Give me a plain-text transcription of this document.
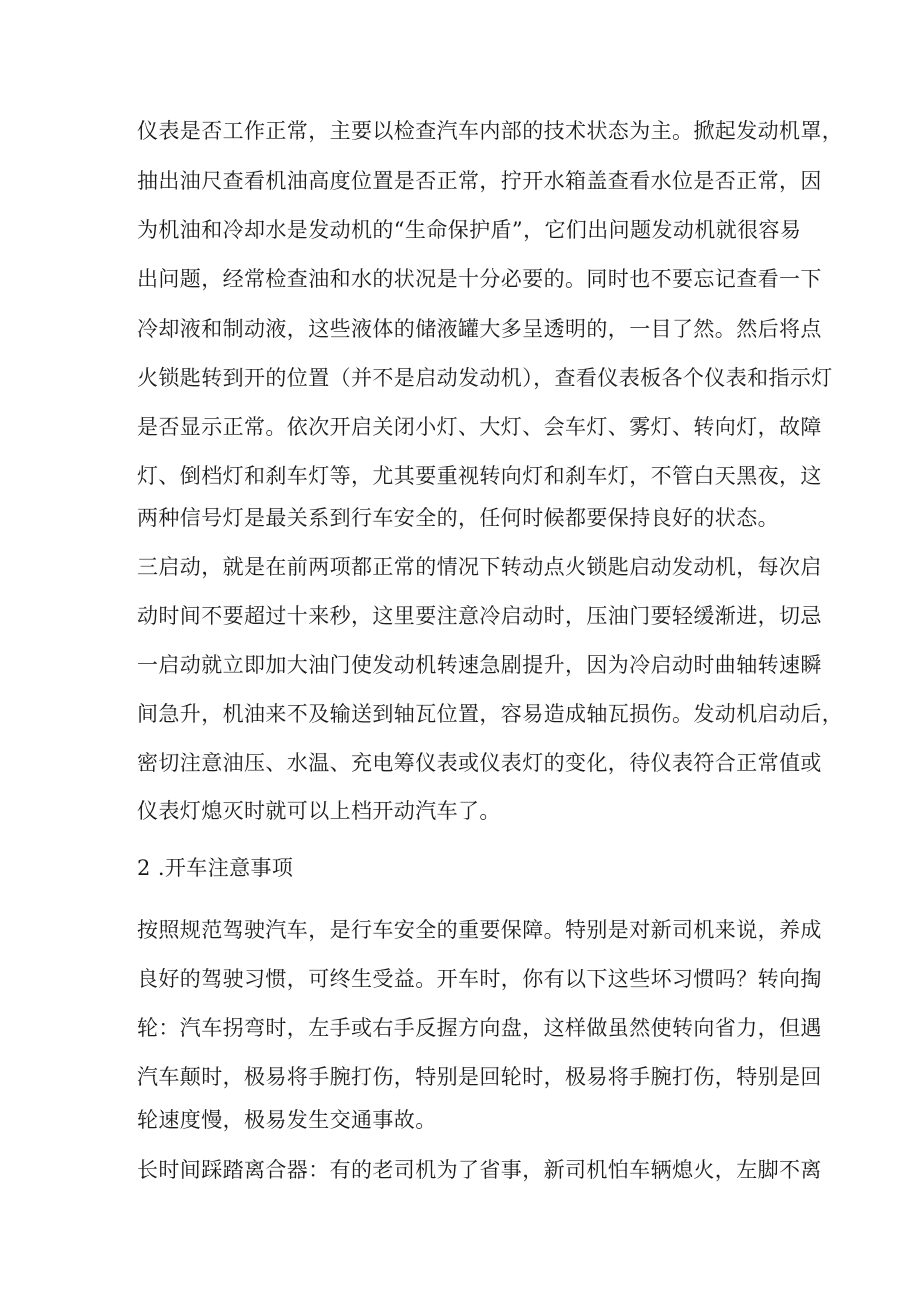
仪表是否工作正常，主要以检查汽车内部的技术状态为主。掀起发动机罩，
抽出油尺查看机油高度位置是否正常，拧开水箱盖查看水位是否正常，因
为机油和冷却水是发动机的“生命保护盾”，它们出问题发动机就很容易
出问题，经常检查油和水的状况是十分必要的。同时也不要忘记查看一下
冷却液和制动液，这些液体的储液罐大多呈透明的，一目了然。然后将点
火锁匙转到开的位置（并不是启动发动机），查看仪表板各个仪表和指示灯
是否显示正常。依次开启关闭小灯、大灯、会车灯、雾灯、转向灯，故障
灯、倒档灯和刹车灯等，尤其要重视转向灯和刹车灯，不管白天黑夜，这
两种信号灯是最关系到行车安全的，任何时候都要保持良好的状态。
三启动，就是在前两项都正常的情况下转动点火锁匙启动发动机，每次启
动时间不要超过十来秒，这里要注意冷启动时，压油门要轻缓渐进，切忌
一启动就立即加大油门使发动机转速急剧提升，因为冷启动时曲轴转速瞬
间急升，机油来不及输送到轴瓦位置，容易造成轴瓦损伤。发动机启动后，
密切注意油压、水温、充电筹仪表或仪表灯的变化，待仪表符合正常值或
仪表灯熄灭时就可以上档开动汽车了。
2 .开车注意事项
按照规范驾驶汽车，是行车安全的重要保障。特别是对新司机来说，养成
良好的驾驶习惯，可终生受益。开车时，你有以下这些坏习惯吗？转向掏
轮：汽车拐弯时，左手或右手反握方向盘，这样做虽然使转向省力，但遇
汽车颠时，极易将手腕打伤，特别是回轮时，极易将手腕打伤，特别是回
轮速度慢，极易发生交通事故。
长时间踩踏离合器：有的老司机为了省事，新司机怕车辆熄火，左脚不离
